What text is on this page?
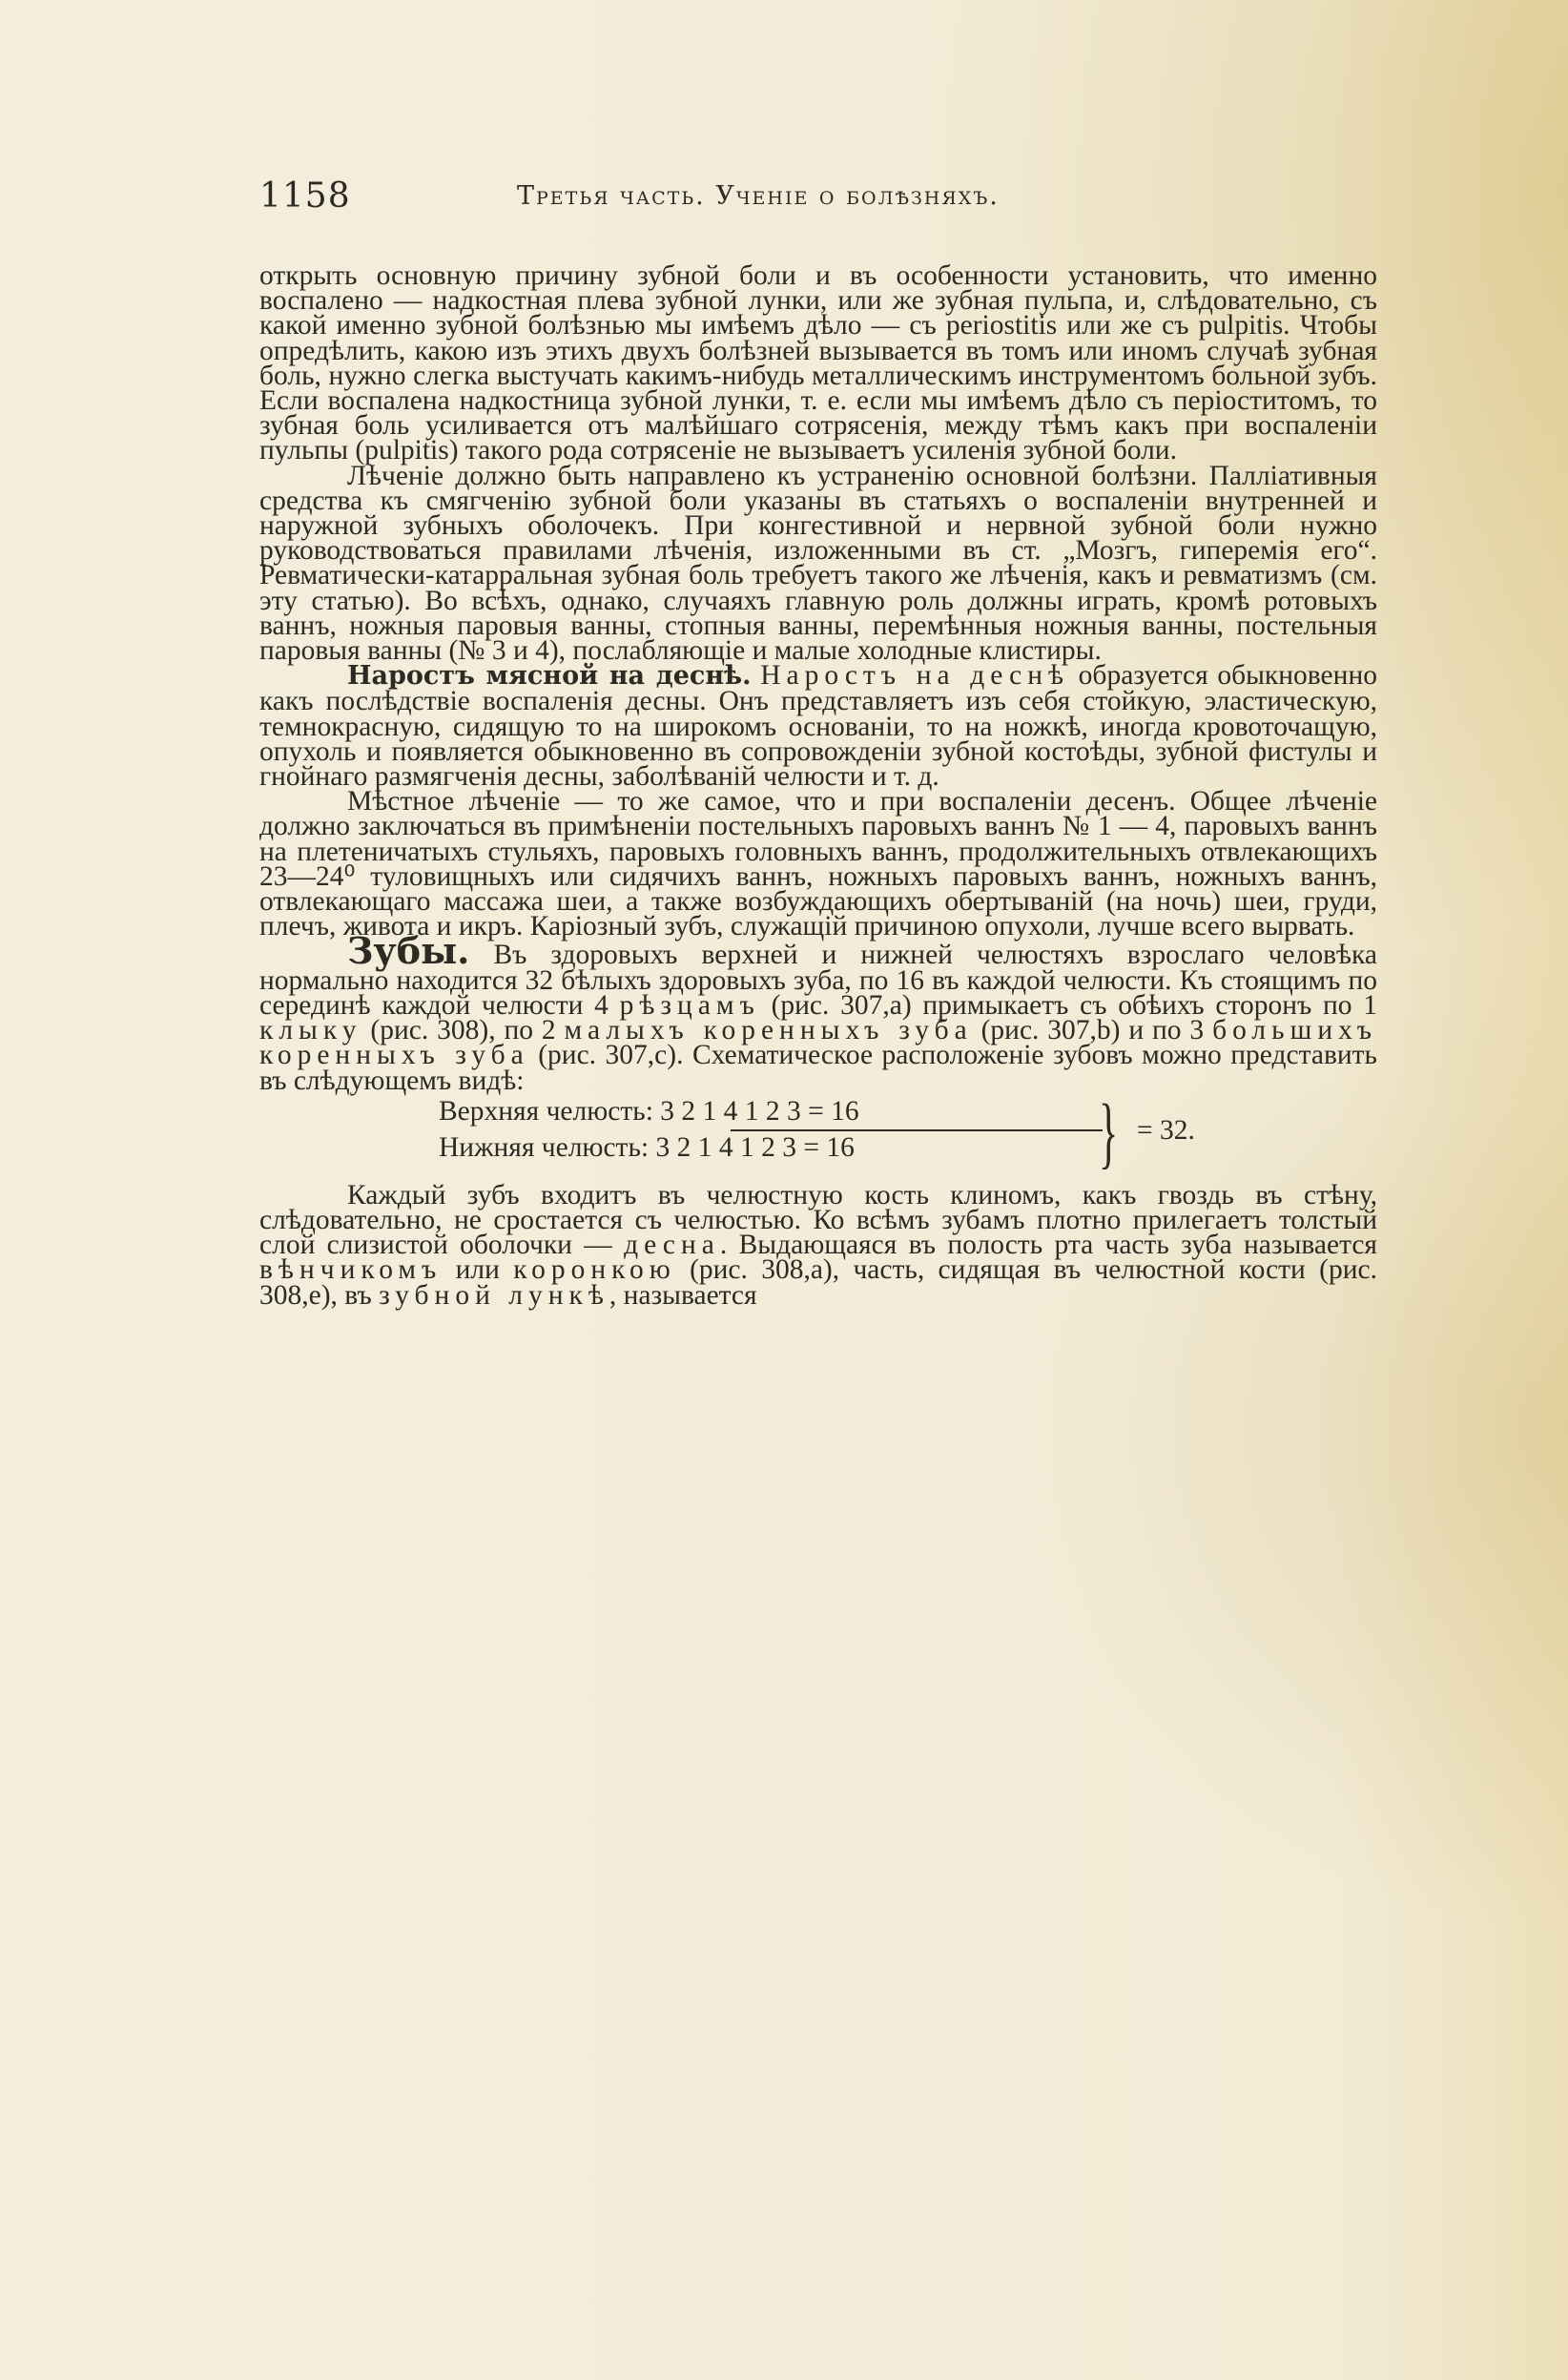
1158	Третья часть. Ученіе о болѣзняхъ.

открыть основную причину зубной боли и въ особенности установить, что именно воспалено — надкостная плева зубной лунки, или же зубная пульпа, и, слѣдовательно, съ какой именно зубной болѣзнью мы имѣемъ дѣло — съ periostitis или же съ pulpitis. Чтобы опредѣлить, какою изъ этихъ двухъ болѣзней вызывается въ томъ или иномъ случаѣ зубная боль, нужно слегка выстучать какимъ-нибудь металлическимъ инструментомъ больной зубъ. Если воспалена надкостница зубной лунки, т. е. если мы имѣемъ дѣло съ періоститомъ, то зубная боль усиливается отъ малѣйшаго сотрясенія, между тѣмъ какъ при воспаленіи пульпы (pulpitis) такого рода сотрясеніе не вызываетъ усиленія зубной боли.

Лѣченіе должно быть направлено къ устраненію основной болѣзни. Палліативныя средства къ смягченію зубной боли указаны въ статьяхъ о воспаленіи внутренней и наружной зубныхъ оболочекъ. При конгестивной и нервной зубной боли нужно руководствоваться правилами лѣченія, изложенными въ ст. „Мозгъ, гиперемія его“. Ревматически-катарральная зубная боль требуетъ такого же лѣченія, какъ и ревматизмъ (см. эту статью). Во всѣхъ, однако, случаяхъ главную роль должны играть, кромѣ ротовыхъ ваннъ, ножныя паровыя ванны, стопныя ванны, перемѣнныя ножныя ванны, постельныя паровыя ванны (№ 3 и 4), послабляющіе и малые холодные клистиры.

Наростъ мясной на деснѣ. Наростъ на деснѣ образуется обыкновенно какъ послѣдствіе воспаленія десны. Онъ представляетъ изъ себя стойкую, эластическую, темнокрасную, сидящую то на широкомъ основаніи, то на ножкѣ, иногда кровоточащую, опухоль и появляется обыкновенно въ сопровожденіи зубной костоѣды, зубной фистулы и гнойнаго размягченія десны, заболѣваній челюсти и т. д.

Мѣстное лѣченіе — то же самое, что и при воспаленіи десенъ. Общее лѣченіе должно заключаться въ примѣненіи постельныхъ паровыхъ ваннъ № 1 — 4, паровыхъ ваннъ на плетеничатыхъ стульяхъ, паровыхъ головныхъ ваннъ, продолжительныхъ отвлекающихъ 23—24⁰ туловищныхъ или сидячихъ ваннъ, ножныхъ паровыхъ ваннъ, ножныхъ ваннъ, отвлекающаго массажа шеи, а также возбуждающихъ обертываній (на ночь) шеи, груди, плечъ, живота и икръ. Каріозный зубъ, служащій причиною опухоли, лучше всего вырвать.

Зубы. Въ здоровыхъ верхней и нижней челюстяхъ взрослаго человѣка нормально находится 32 бѣлыхъ здоровыхъ зуба, по 16 въ каждой челюсти. Къ стоящимъ по серединѣ каждой челюсти 4 рѣзцамъ (рис. 307,a) примыкаетъ съ обѣихъ сторонъ по 1 клыку (рис. 308), по 2 малыхъ коренныхъ зуба (рис. 307,b) и по 3 большихъ коренныхъ зуба (рис. 307,c). Схематическое расположеніе зубовъ можно представить въ слѣдующемъ видѣ:

Верхняя челюсть: 3 2 1 4 1 2 3 = 16
Нижняя челюсть: 3 2 1 4 1 2 3 = 16	} = 32.

Каждый зубъ входитъ въ челюстную кость клиномъ, какъ гвоздь въ стѣну, слѣдовательно, не сростается съ челюстью. Ко всѣмъ зубамъ плотно прилегаетъ толстый слой слизистой оболочки — десна. Выдающаяся въ полость рта часть зуба называется вѣнчикомъ или коронкою (рис. 308,a), часть, сидящая въ челюстной кости (рис. 308,e), въ зубной лункѣ, называется
